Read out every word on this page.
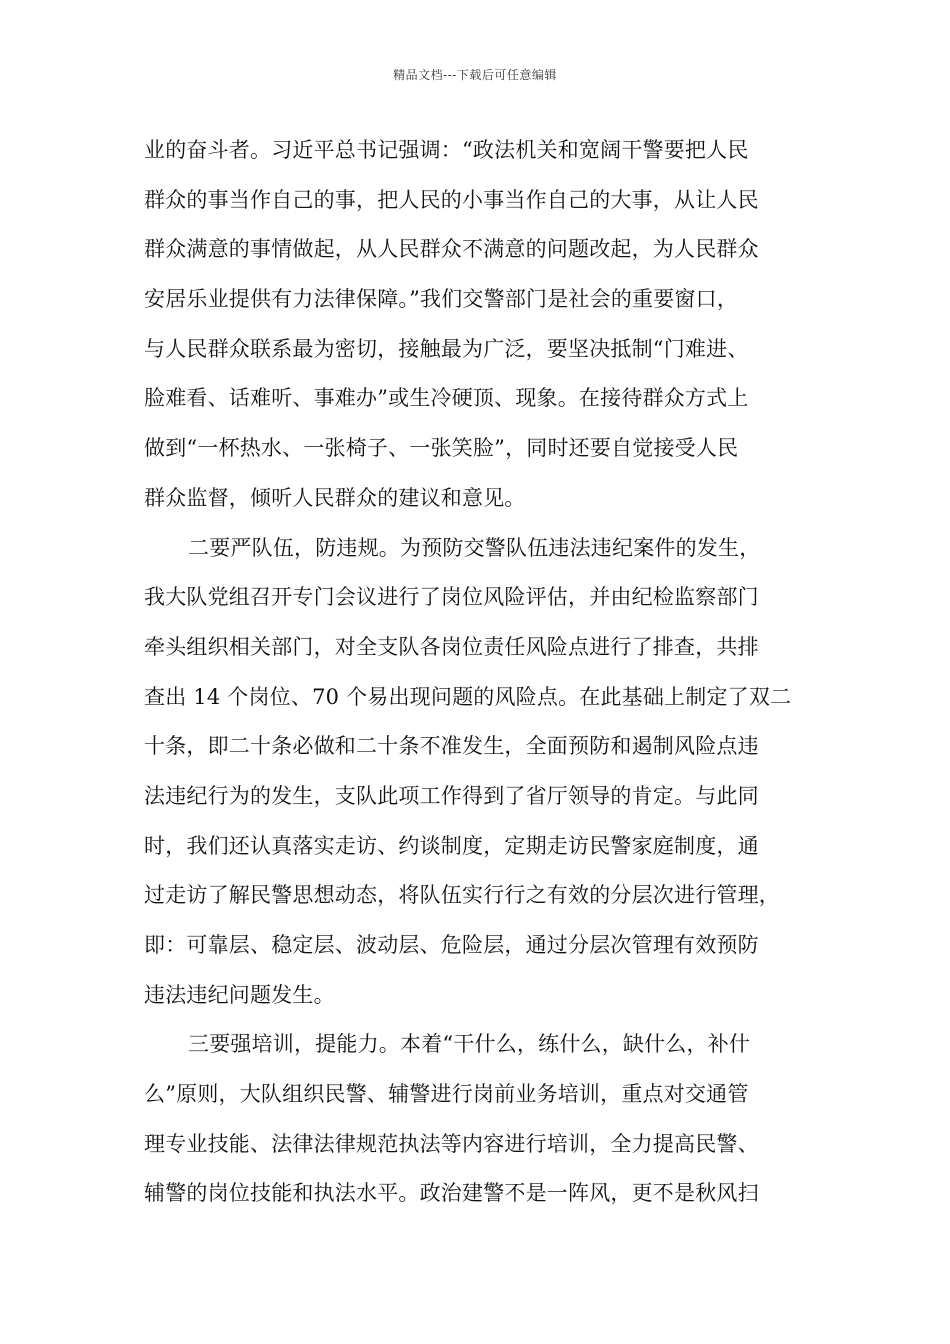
精品文档---下载后可任意编辑
业的奋斗者。习近平总书记强调：“政法机关和宽阔干警要把人民
群众的事当作自己的事，把人民的小事当作自己的大事，从让人民
群众满意的事情做起，从人民群众不满意的问题改起，为人民群众
安居乐业提供有力法律保障。”我们交警部门是社会的重要窗口，
与人民群众联系最为密切，接触最为广泛，要坚决抵制“门难进、
脸难看、话难听、事难办”或生冷硬顶、现象。在接待群众方式上
做到“一杯热水、一张椅子、一张笑脸”，同时还要自觉接受人民
群众监督，倾听人民群众的建议和意见。
二要严队伍，防违规。为预防交警队伍违法违纪案件的发生，
我大队党组召开专门会议进行了岗位风险评估，并由纪检监察部门
牵头组织相关部门，对全支队各岗位责任风险点进行了排查，共排
查出 14 个岗位、70 个易出现问题的风险点。在此基础上制定了双二
十条，即二十条必做和二十条不准发生，全面预防和遏制风险点违
法违纪行为的发生，支队此项工作得到了省厅领导的肯定。与此同
时，我们还认真落实走访、约谈制度，定期走访民警家庭制度，通
过走访了解民警思想动态，将队伍实行行之有效的分层次进行管理，
即：可靠层、稳定层、波动层、危险层，通过分层次管理有效预防
违法违纪问题发生。
三要强培训，提能力。本着“干什么，练什么，缺什么，补什
么”原则，大队组织民警、辅警进行岗前业务培训，重点对交通管
理专业技能、法律法律规范执法等内容进行培训，全力提高民警、
辅警的岗位技能和执法水平。政治建警不是一阵风，更不是秋风扫
